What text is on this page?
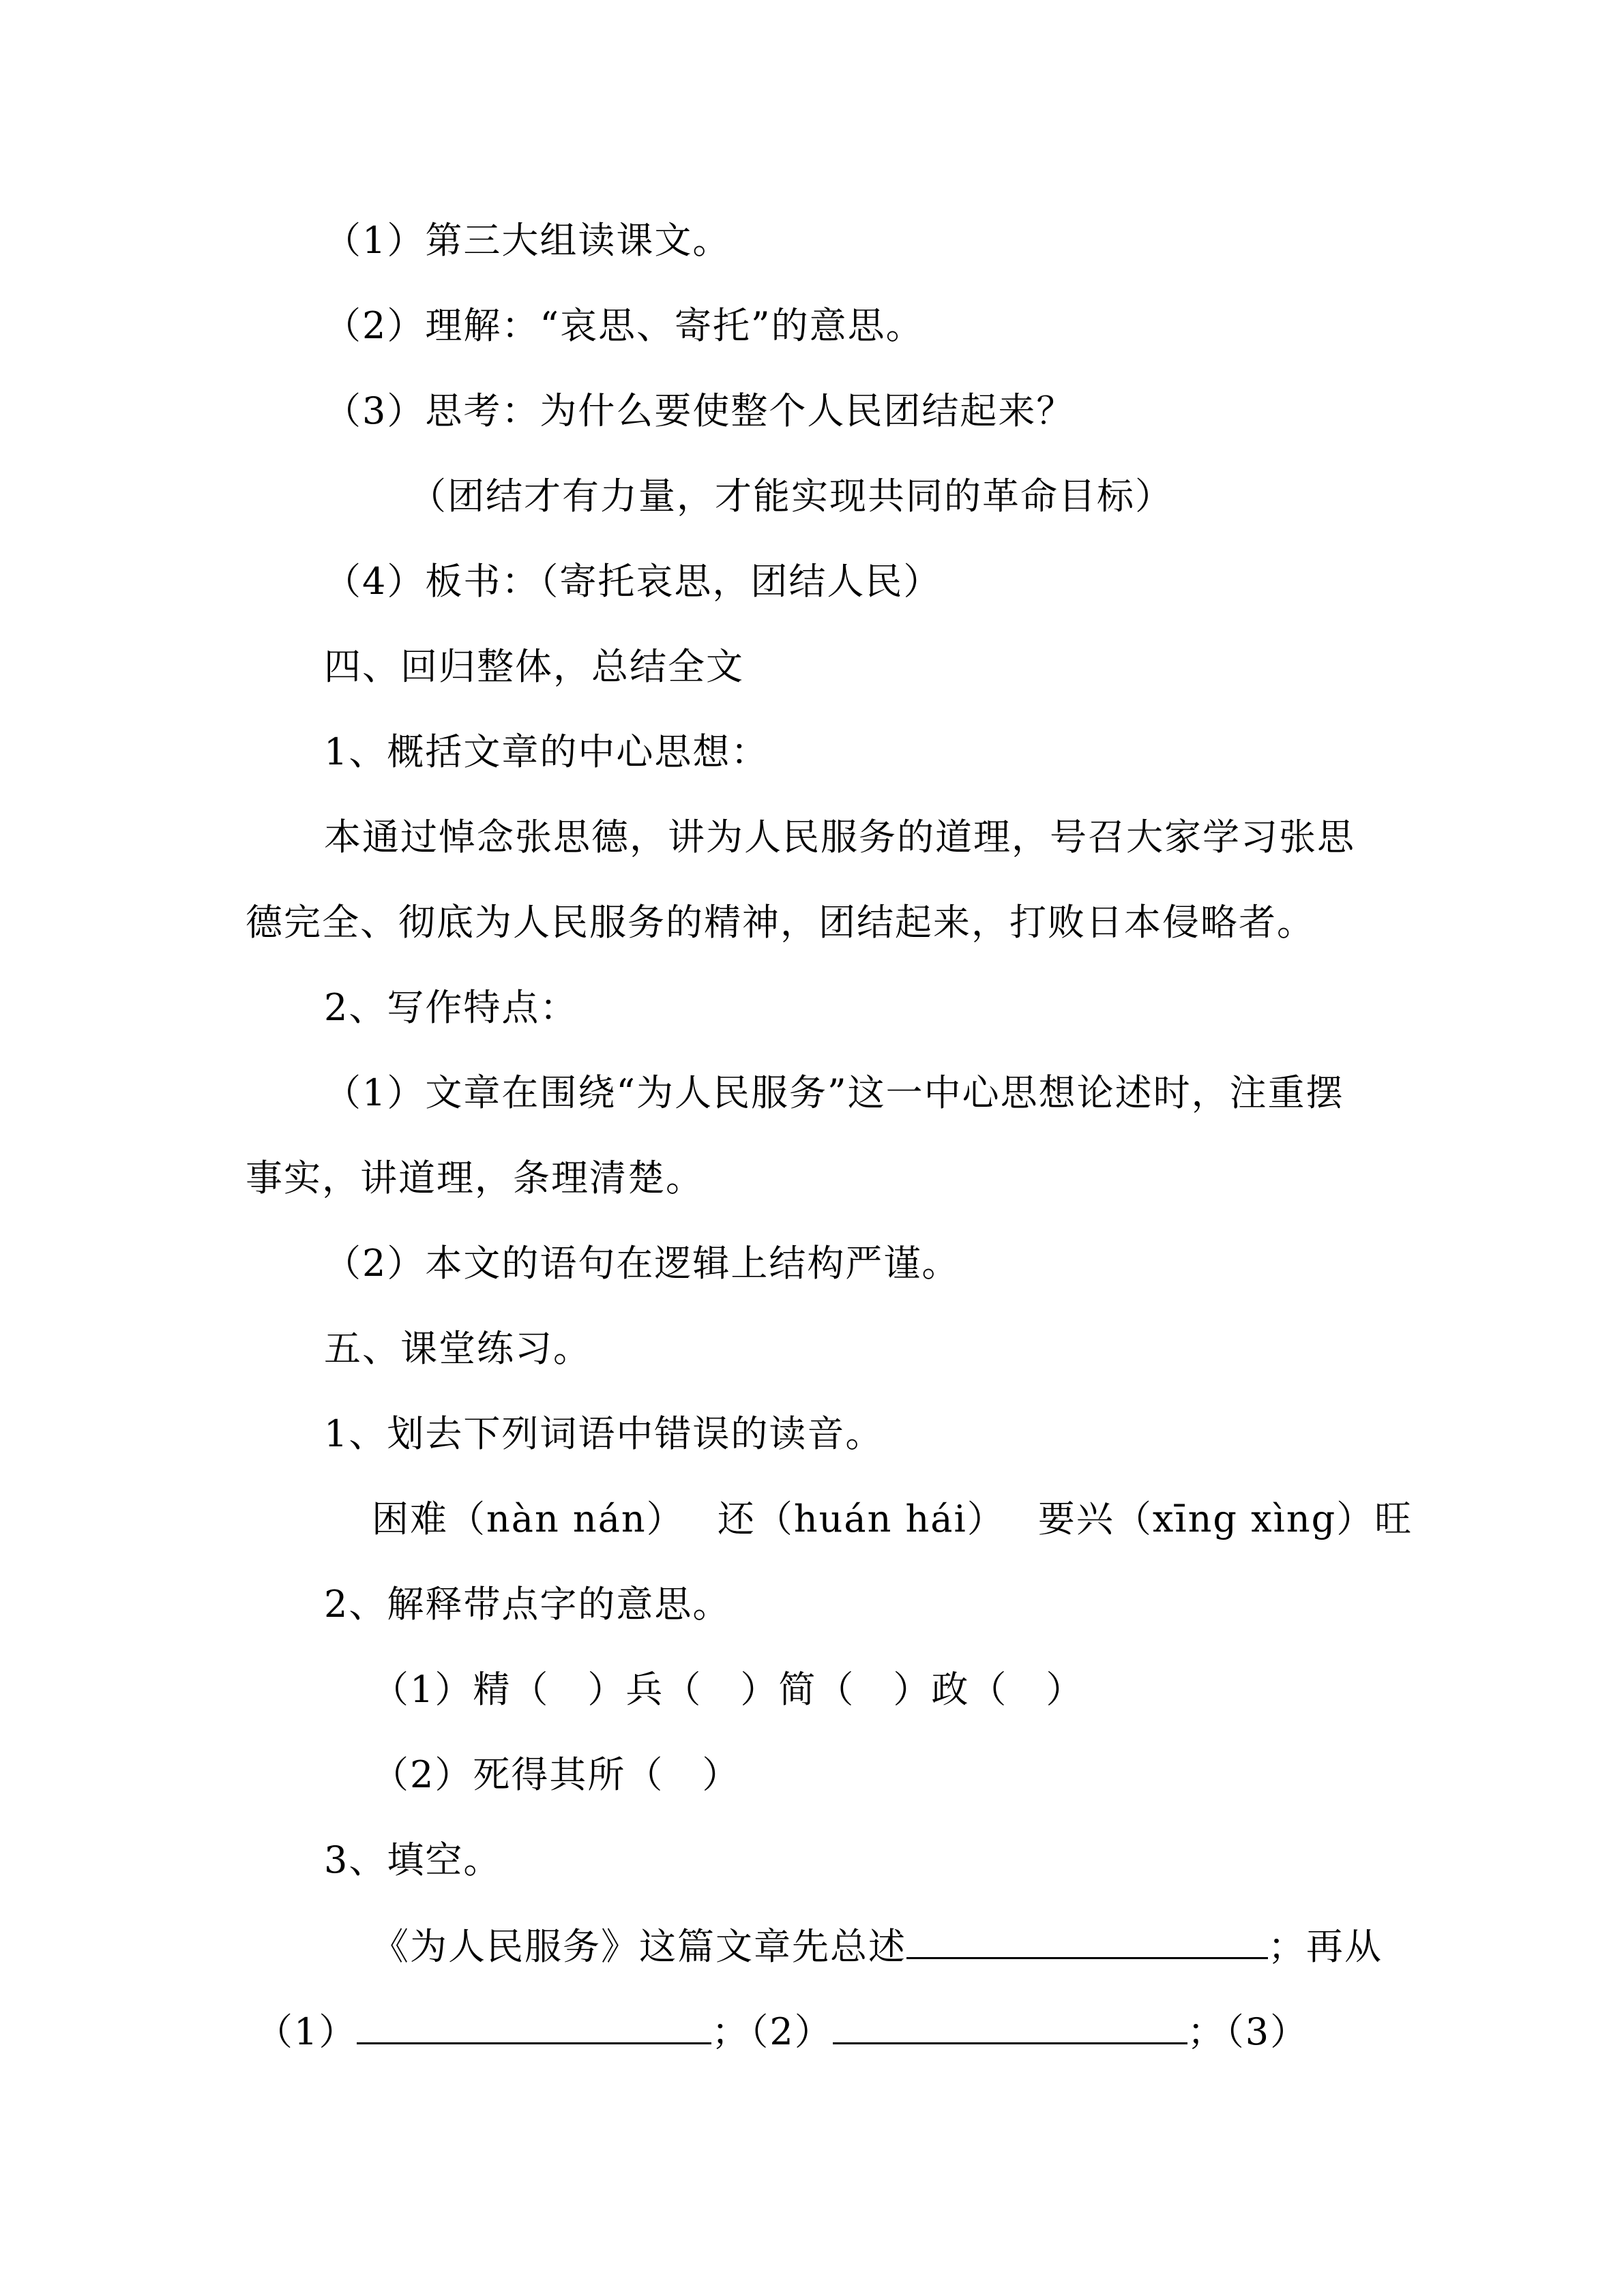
（1）第三大组读课文。
（2）理解：“哀思、寄托”的意思。
（3）思考：为什么要使整个人民团结起来？
（团结才有力量，才能实现共同的革命目标）
（4）板书：（寄托哀思，团结人民）
四、回归整体，总结全文
1、概括文章的中心思想：
本通过悼念张思德，讲为人民服务的道理，号召大家学习张思
德完全、彻底为人民服务的精神，团结起来，打败日本侵略者。
2、写作特点：
（1）文章在围绕“为人民服务”这一中心思想论述时，注重摆
事实，讲道理，条理清楚。
（2）本文的语句在逻辑上结构严谨。
五、课堂练习。
1、划去下列词语中错误的读音。
困难（nàn nán）　 还（huán hái）　 要兴（xīng xìng）旺
2、解释带点字的意思。
（1）精（　）兵（　）简（　）政（　）
（2）死得其所（　）
3、填空。
《为人民服务》这篇文章先总述	；再从
（1）	；（2）	；（3）
